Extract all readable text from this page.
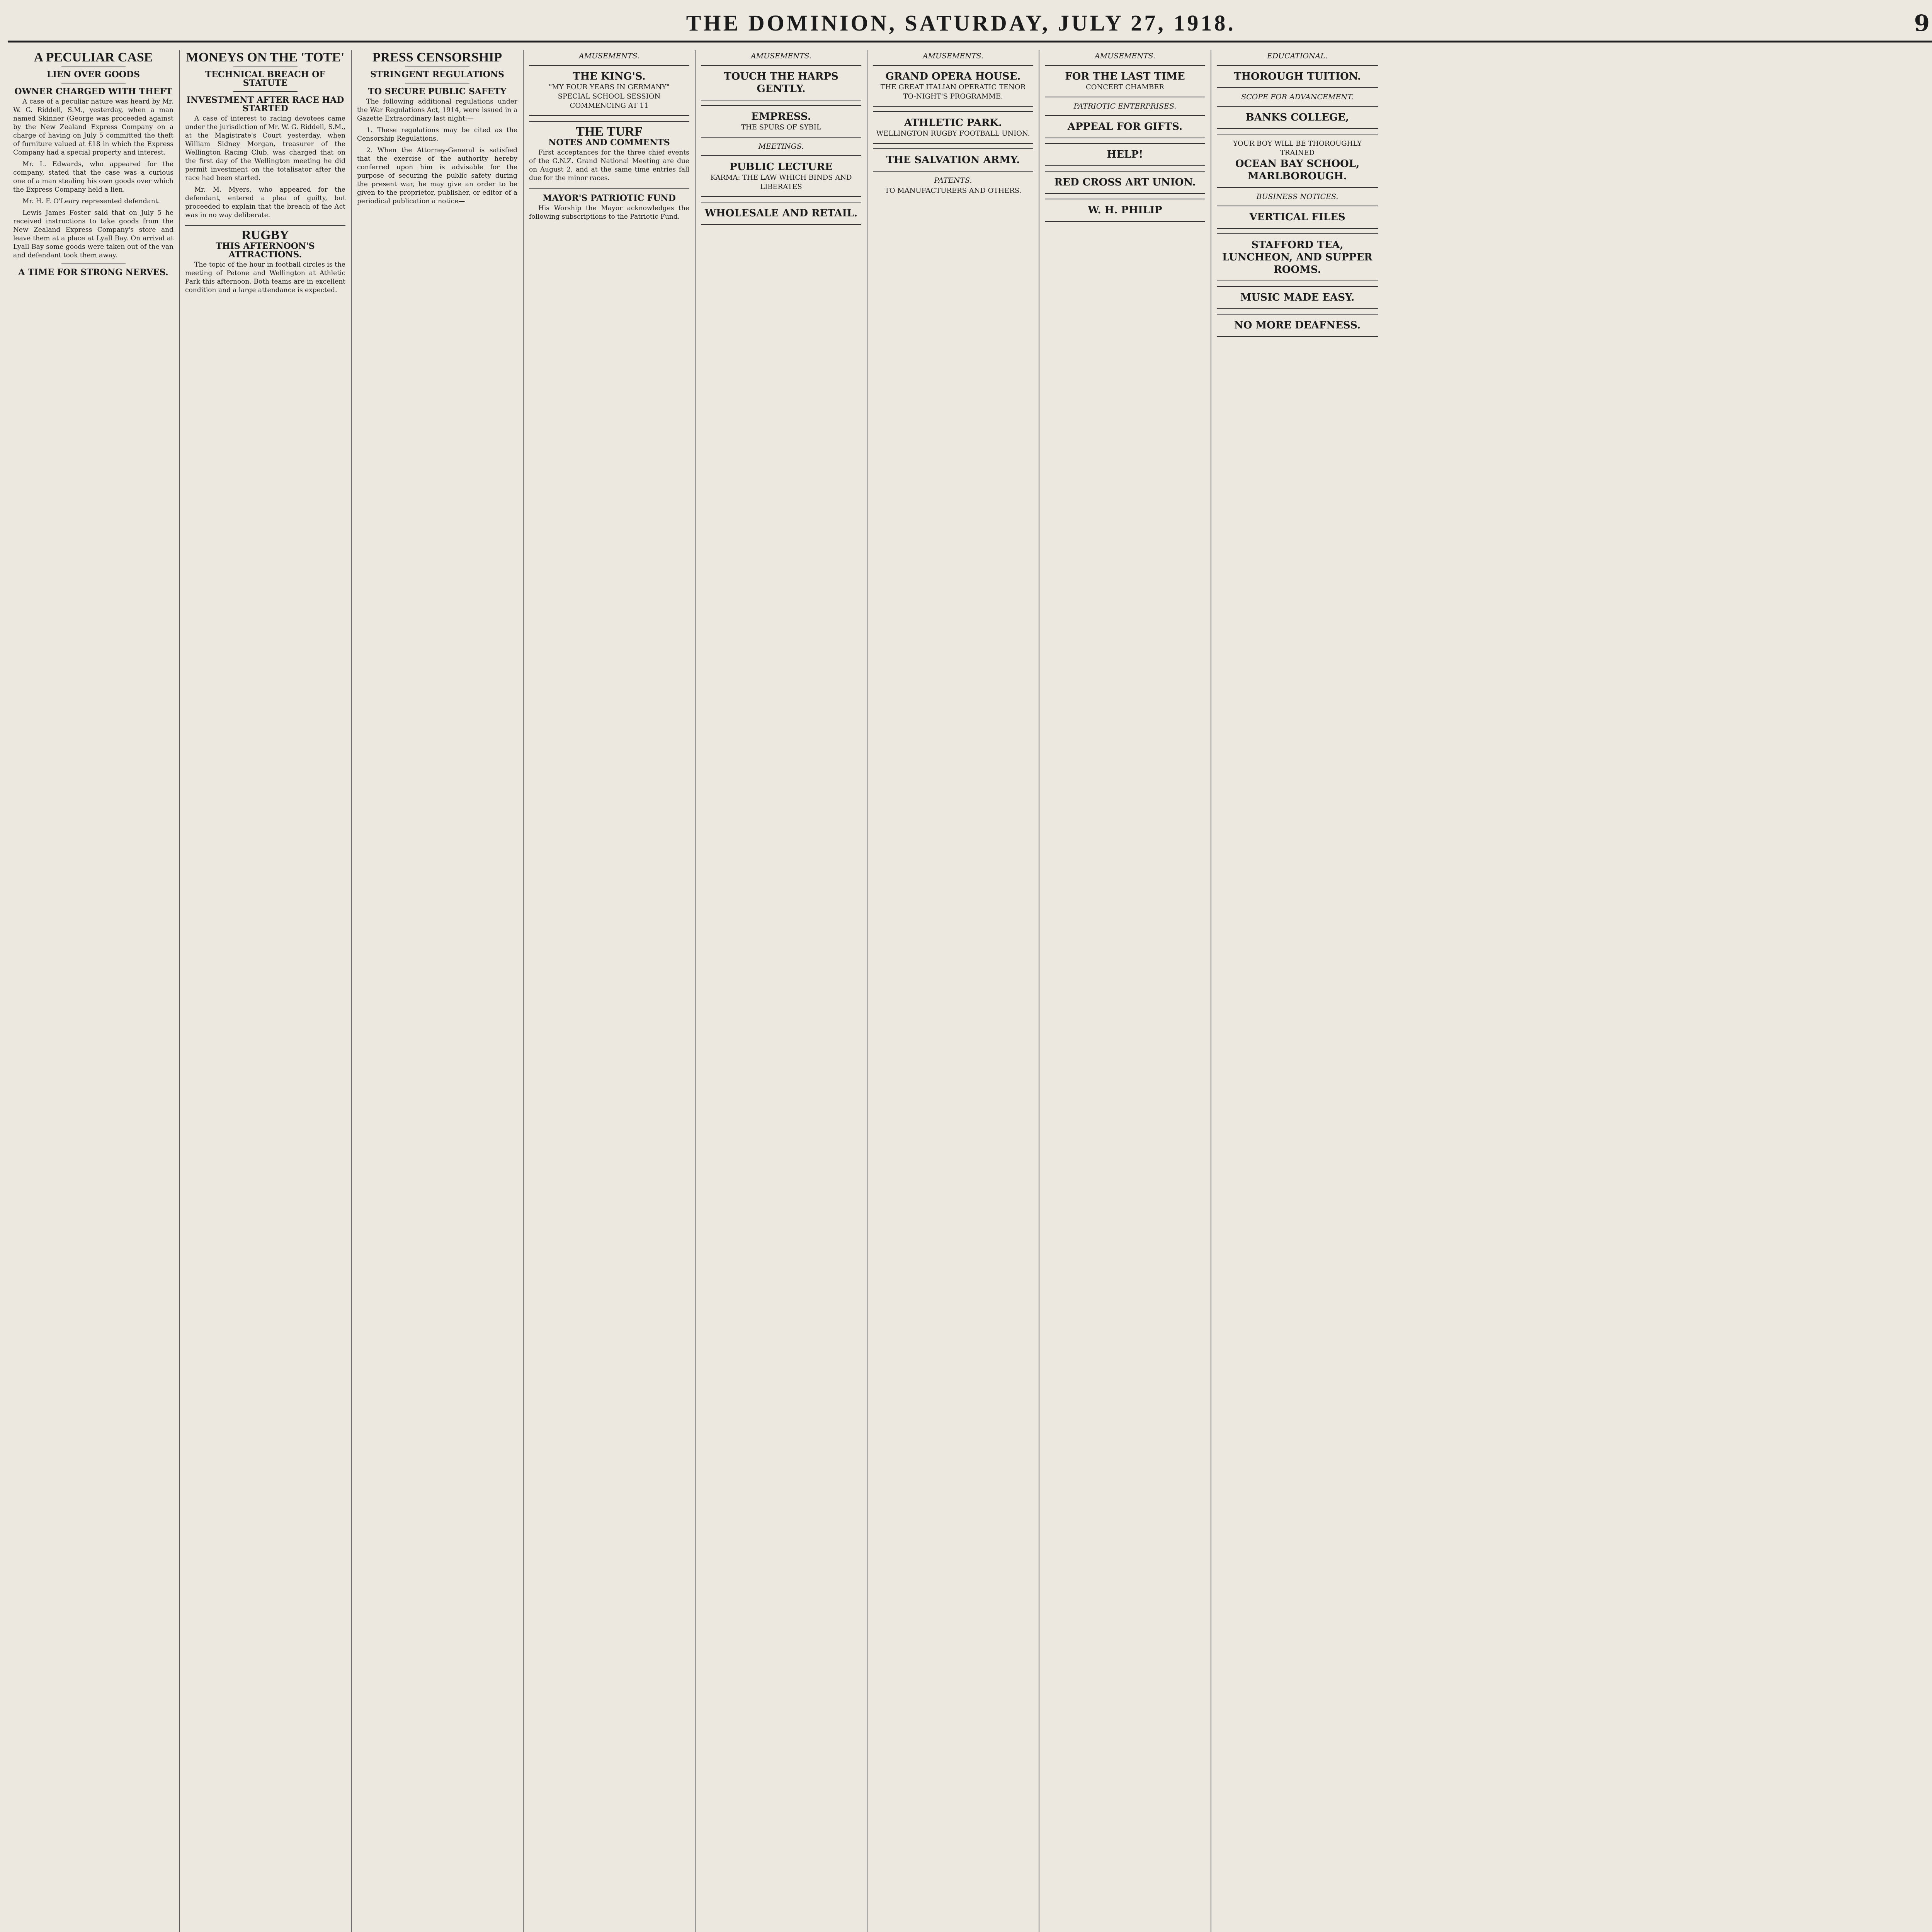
THE DOMINION, SATURDAY, JULY 27, 1918.	9
A PECULIAR CASE
LIEN OVER GOODS
OWNER CHARGED WITH THEFT

A case of a peculiar nature was heard by Mr. W. G. Riddell, S.M., yesterday, when a man named Skinner (George was proceeded against by the New Zealand Express Company on a charge of having on July 5 committed the theft of furniture valued at £18 in which the Express Company had a special property and interest.

Mr. L. Edwards, who appeared for the company, stated that the case was a curious one of a man stealing his own goods over which the Express Company held a lien.

Mr. H. F. O'Leary represented defendant.

Lewis James Foster said that on July 5 he received instructions to take goods from the New Zealand Express Company's store and leave them at a place at Lyall Bay. On arrival at Lyall Bay some goods were taken out of the van and defendant took them away.

A TIME FOR STRONG NERVES.
MONEYS ON THE 'TOTE'
TECHNICAL BREACH OF STATUTE
INVESTMENT AFTER RACE HAD STARTED

A case of interest to racing devotees came under the jurisdiction of Mr. W. G. Riddell, S.M., at the Magistrate's Court yesterday, when William Sidney Morgan, treasurer of the Wellington Racing Club, was charged that on the first day of the Wellington meeting he did permit investment on the totalisator after the race had been started.

Mr. M. Myers, who appeared for the defendant, entered a plea of guilty, but proceeded to explain that the breach of the Act was in no way deliberate.

RUGBY
THIS AFTERNOON'S ATTRACTIONS.

The topic of the hour in football circles is the meeting of Petone and Wellington at Athletic Park this afternoon. Both teams are in excellent condition and a large attendance is expected.

PRESS CENSORSHIP
STRINGENT REGULATIONS
TO SECURE PUBLIC SAFETY

The following additional regulations under the War Regulations Act, 1914, were issued in a Gazette Extraordinary last night:—

1. These regulations may be cited as the Censorship Regulations.

2. When the Attorney-General is satisfied that the exercise of the authority hereby conferred upon him is advisable for the purpose of securing the public safety during the present war, he may give an order to be given to the proprietor, publisher, or editor of a periodical publication a notice—

AMUSEMENTS.
THE KING'S.
"MY FOUR YEARS IN GERMANY"
SPECIAL SCHOOL SESSION
COMMENCING AT 11
THE TURF
NOTES AND COMMENTS

First acceptances for the three chief events of the G.N.Z. Grand National Meeting are due on August 2, and at the same time entries fall due for the minor races.

MAYOR'S PATRIOTIC FUND

His Worship the Mayor acknowledges the following subscriptions to the Patriotic Fund.

AMUSEMENTS.
TOUCH THE HARPS GENTLY.
EMPRESS.
THE SPURS OF SYBIL
MEETINGS.
PUBLIC LECTURE
KARMA: THE LAW WHICH BINDS AND LIBERATES
WHOLESALE AND RETAIL.
AMUSEMENTS.
GRAND OPERA HOUSE.
THE GREAT ITALIAN OPERATIC TENOR
TO-NIGHT'S PROGRAMME.
ATHLETIC PARK.
WELLINGTON RUGBY FOOTBALL UNION.
THE SALVATION ARMY.
PATENTS.
TO MANUFACTURERS AND OTHERS.
AMUSEMENTS.
FOR THE LAST TIME
CONCERT CHAMBER
PATRIOTIC ENTERPRISES.
APPEAL FOR GIFTS.
HELP!
RED CROSS ART UNION.
W. H. PHILIP
EDUCATIONAL.
THOROUGH TUITION.
SCOPE FOR ADVANCEMENT.
BANKS COLLEGE,
YOUR BOY WILL BE THOROUGHLY TRAINED
OCEAN BAY SCHOOL, MARLBOROUGH.
BUSINESS NOTICES.
VERTICAL FILES
STAFFORD TEA, LUNCHEON, AND SUPPER ROOMS.
MUSIC MADE EASY.
NO MORE DEAFNESS.
